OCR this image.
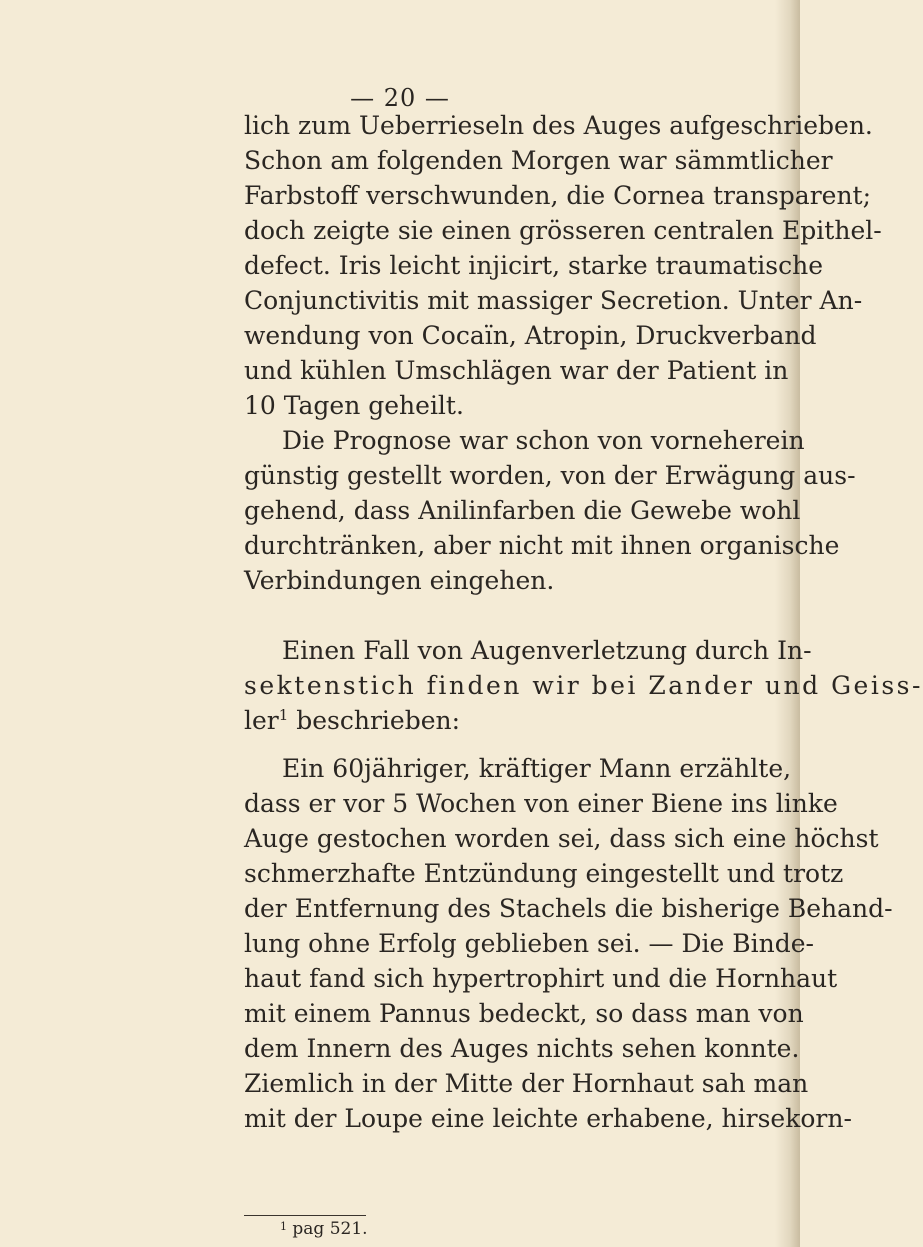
— 20 —
lich zum Ueberrieseln des Auges aufgeschrieben.
Schon am folgenden Morgen war sämmtlicher
Farbstoff verschwunden, die Cornea transparent;
doch zeigte sie einen grösseren centralen Epithel-
defect. Iris leicht injicirt, starke traumatische
Conjunctivitis mit massiger Secretion. Unter An-
wendung von Cocaïn, Atropin, Druckverband
und kühlen Umschlägen war der Patient in
10 Tagen geheilt.
Die Prognose war schon von vorneherein
günstig gestellt worden, von der Erwägung aus-
gehend, dass Anilinfarben die Gewebe wohl
durchtränken, aber nicht mit ihnen organische
Verbindungen eingehen.
Einen Fall von Augenverletzung durch In-
sektenstich finden wir bei Zander und Geiss-
ler$^1$ beschrieben:
Ein 60jähriger, kräftiger Mann erzählte,
dass er vor 5 Wochen von einer Biene ins linke
Auge gestochen worden sei, dass sich eine höchst
schmerzhafte Entzündung eingestellt und trotz
der Entfernung des Stachels die bisherige Behand-
lung ohne Erfolg geblieben sei. — Die Binde-
haut fand sich hypertrophirt und die Hornhaut
mit einem Pannus bedeckt, so dass man von
dem Innern des Auges nichts sehen konnte.
Ziemlich in der Mitte der Hornhaut sah man
mit der Loupe eine leichte erhabene, hirsekorn-
$^1$ pag 521.
